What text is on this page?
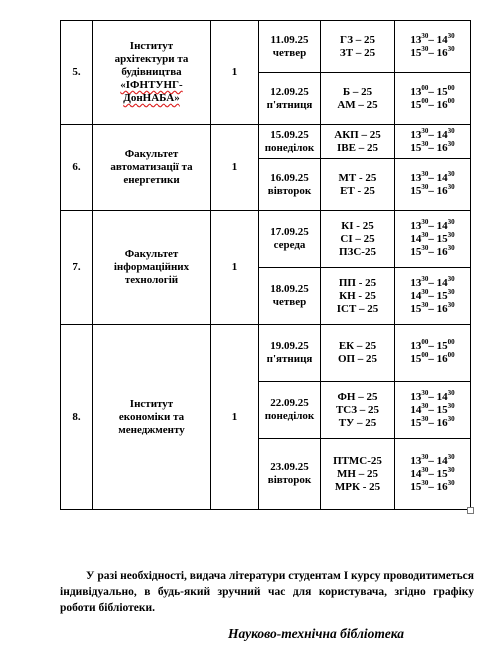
5.	Інститут
архітектури та
будівництва
«ІФНТУНГ-
ДонНАБА»	1	11.09.25
четвер	ГЗ – 25
ЗТ – 25	$13^{30}-$ $14^{30}$
$15^{30}-$ $16^{30}$

			12.09.25
п'ятниця	Б – 25
АМ – 25	$13^{00}-$ $15^{00}$
$15^{00}-$ $16^{00}$

6.	Факультет
автоматизації та
енергетики	1	15.09.25
понеділок	АКП – 25
ІВЕ – 25	$13^{30}-$ $14^{30}$
$15^{30}-$ $16^{30}$

			16.09.25
вівторок	МТ - 25
ЕТ - 25	$13^{30}-$ $14^{30}$
$15^{30}-$ $16^{30}$

7.	Факультет
інформаційних
технологій	1	17.09.25
середа	КІ - 25
СІ – 25
ПЗС-25	$13^{30}-$ $14^{30}$
$14^{30}-$ $15^{30}$
$15^{30}-$ $16^{30}$

			18.09.25
четвер	ПП - 25
КН - 25
ІСТ – 25	$13^{30}-$ $14^{30}$
$14^{30}-$ $15^{30}$
$15^{30}-$ $16^{30}$

8.	Інститут
економіки та
менеджменту	1	19.09.25
п'ятниця	ЕК – 25
ОП – 25	$13^{00}-$ $15^{00}$
$15^{00}-$ $16^{00}$

			22.09.25
понеділок	ФН – 25
ТСЗ – 25
ТУ – 25	$13^{30}-$ $14^{30}$
$14^{30}-$ $15^{30}$
$15^{30}-$ $16^{30}$

			23.09.25
вівторок	ПТМС-25
МН – 25
МРК - 25	$13^{30}-$ $14^{30}$
$14^{30}-$ $15^{30}$
$15^{30}-$ $16^{30}$

У разі необхідності, видача літератури студентам І курсу проводитиметься індивідуально, в будь-який зручний час для користувача, згідно графіку роботи бібліотеки.

Науково-технічна бібліотека
